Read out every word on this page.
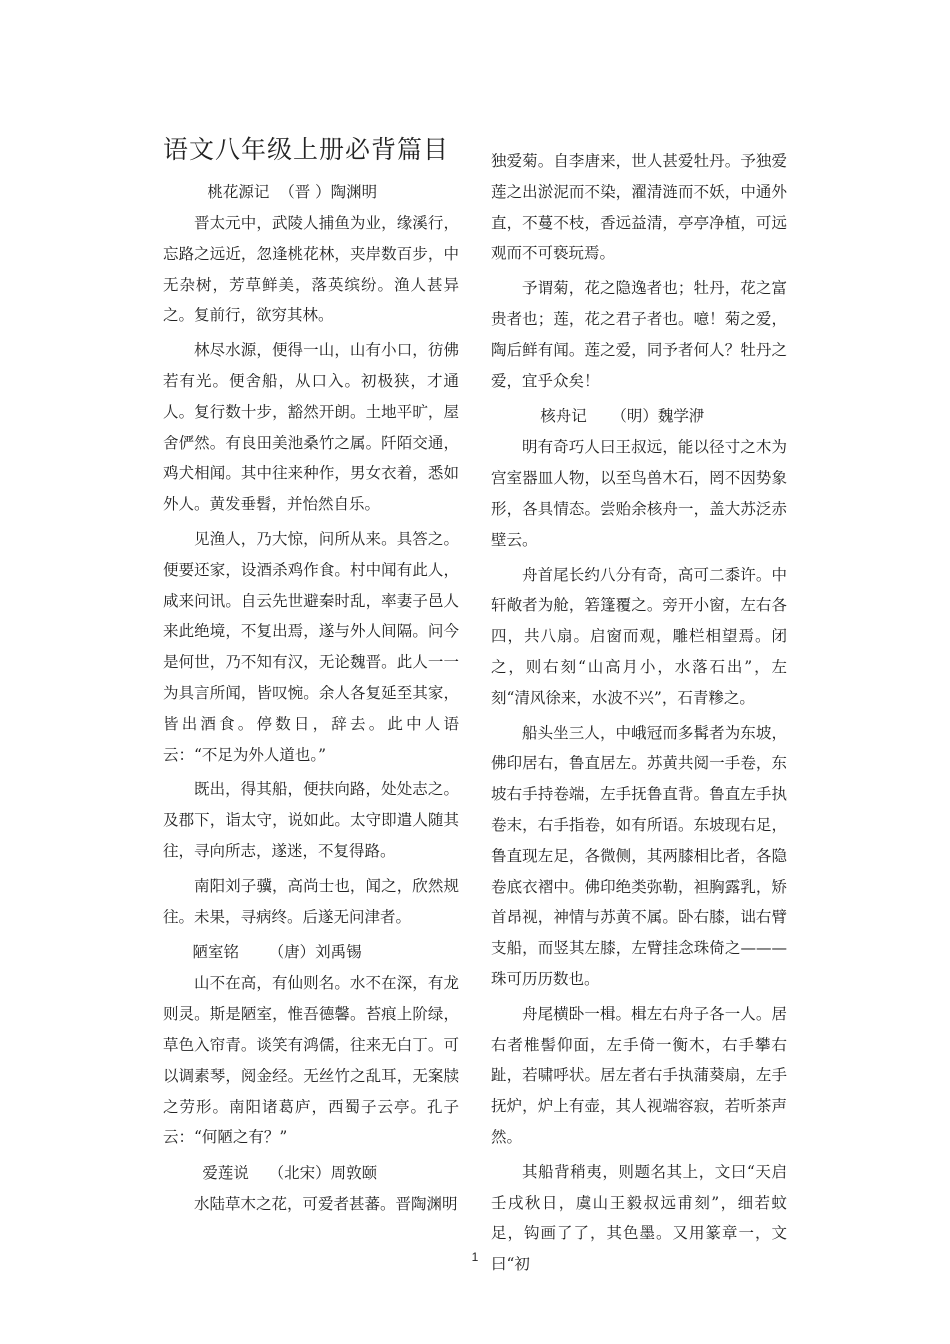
语文八年级上册必背篇目
桃花源记  （晋 ）陶渊明

晋太元中，武陵人捕鱼为业，缘溪行，忘路之远近，忽逢桃花林，夹岸数百步，中无杂树，芳草鲜美，落英缤纷。渔人甚异之。复前行，欲穷其林。

林尽水源，便得一山，山有小口，彷佛若有光。便舍船，从口入。初极狭，才通人。复行数十步，豁然开朗。土地平旷，屋舍俨然。有良田美池桑竹之属。阡陌交通，鸡犬相闻。其中往来种作，男女衣着，悉如外人。黄发垂髫，并怡然自乐。

见渔人，乃大惊，问所从来。具答之。便要还家，设酒杀鸡作食。村中闻有此人，咸来问讯。自云先世避秦时乱，率妻子邑人来此绝境，不复出焉，遂与外人间隔。问今是何世，乃不知有汉，无论魏晋。此人一一为具言所闻，皆叹惋。余人各复延至其家，皆出酒食。停数日，辞去。此中人语云：“不足为外人道也。”

既出，得其船，便扶向路，处处志之。及郡下，诣太守，说如此。太守即遣人随其往，寻向所志，遂迷，不复得路。

南阳刘子骥，高尚士也，闻之，欣然规往。未果，寻病终。后遂无问津者。

陋室铭      （唐）刘禹锡

山不在高，有仙则名。水不在深，有龙则灵。斯是陋室，惟吾德馨。苔痕上阶绿，草色入帘青。谈笑有鸿儒，往来无白丁。可以调素琴，阅金经。无丝竹之乱耳，无案牍之劳形。南阳诸葛庐，西蜀子云亭。孔子云：“何陋之有？”

爱莲说    （北宋）周敦颐

水陆草木之花，可爱者甚蕃。晋陶渊明

独爱菊。自李唐来，世人甚爱牡丹。予独爱莲之出淤泥而不染，濯清涟而不妖，中通外直，不蔓不枝，香远益清，亭亭净植，可远观而不可亵玩焉。

予谓菊，花之隐逸者也；牡丹，花之富贵者也；莲，花之君子者也。噫！菊之爱，陶后鲜有闻。莲之爱，同予者何人？牡丹之爱，宜乎众矣！

核舟记     （明）魏学洢

明有奇巧人曰王叔远，能以径寸之木为宫室器皿人物，以至鸟兽木石，罔不因势象形，各具情态。尝贻余核舟一，盖大苏泛赤壁云。

舟首尾长约八分有奇，高可二黍许。中轩敞者为舱，箬篷覆之。旁开小窗，左右各四，共八扇。启窗而观，雕栏相望焉。闭之，则右刻“山高月小，水落石出”，左刻“清风徐来，水波不兴”，石青糁之。

船头坐三人，中峨冠而多髯者为东坡，佛印居右，鲁直居左。苏黄共阅一手卷，东坡右手持卷端，左手抚鲁直背。鲁直左手执卷末，右手指卷，如有所语。东坡现右足，鲁直现左足，各微侧，其两膝相比者，各隐卷底衣褶中。佛印绝类弥勒，袒胸露乳，矫首昂视，神情与苏黄不属。卧右膝，诎右臂支船，而竖其左膝，左臂挂念珠倚之———珠可历历数也。

舟尾横卧一楫。楫左右舟子各一人。居右者椎髻仰面，左手倚一衡木，右手攀右趾，若啸呼状。居左者右手执蒲葵扇，左手抚炉，炉上有壶，其人视端容寂，若听茶声然。

其船背稍夷，则题名其上，文曰“天启壬戌秋日，虞山王毅叔远甫刻”，细若蚊足，钩画了了，其色墨。又用篆章一，文曰“初

1
